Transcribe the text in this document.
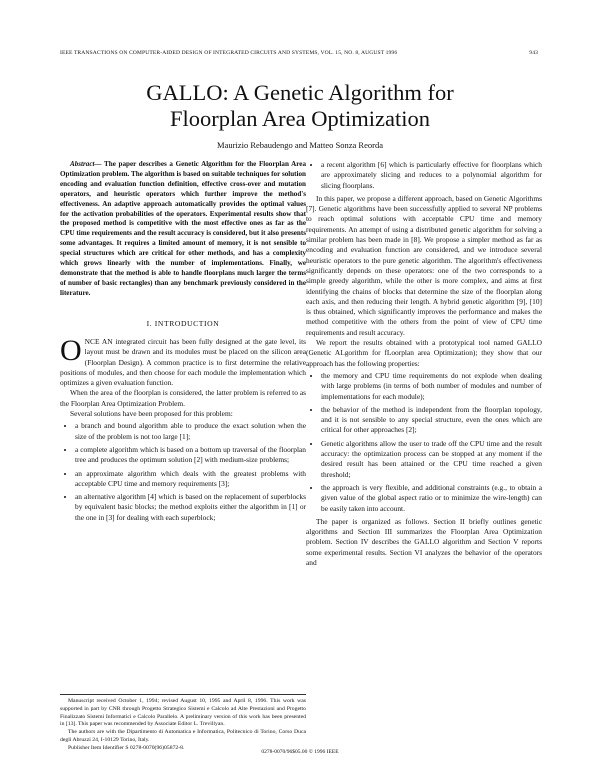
IEEE TRANSACTIONS ON COMPUTER-AIDED DESIGN OF INTEGRATED CIRCUITS AND SYSTEMS, VOL. 15, NO. 8, AUGUST 1996	943
GALLO: A Genetic Algorithm for
Floorplan Area Optimization
Maurizio Rebaudengo and Matteo Sonza Reorda
Abstract— The paper describes a Genetic Algorithm for the Floorplan Area Optimization problem. The algorithm is based on suitable techniques for solution encoding and evaluation function definition, effective cross-over and mutation operators, and heuristic operators which further improve the method's effectiveness. An adaptive approach automatically provides the optimal values for the activation probabilities of the operators. Experimental results show that the proposed method is competitive with the most effective ones as far as the CPU time requirements and the result accuracy is considered, but it also presents some advantages. It requires a limited amount of memory, it is not sensible to special structures which are critical for other methods, and has a complexity which grows linearly with the number of implementations. Finally, we demonstrate that the method is able to handle floorplans much larger the terms of number of basic rectangles) than any benchmark previously considered in the literature.
I. INTRODUCTION

ONCE AN integrated circuit has been fully designed at the gate level, its layout must be drawn and its modules must be placed on the silicon area (Floorplan Design). A common practice is to first determine the relative positions of modules, and then choose for each module the implementation which optimizes a given evaluation function.

When the area of the floorplan is considered, the latter problem is referred to as the Floorplan Area Optimization Problem.

Several solutions have been proposed for this problem:

• a branch and bound algorithm able to produce the exact solution when the size of the problem is not too large [1];
• a complete algorithm which is based on a bottom up traversal of the floorplan tree and produces the optimum solution [2] with medium-size problems;
• an approximate algorithm which deals with the greatest problems with acceptable CPU time and memory requirements [3];
• an alternative algorithm [4] which is based on the replacement of superblocks by equivalent basic blocks; the method exploits either the algorithm in [1] or the one in [3] for dealing with each superblock;

Manuscript received October 1, 1994; revised August 10, 1995 and April 8, 1996. This work was supported in part by CNR through Progetto Strategico Sistemi e Calcolo ad Alte Prestazioni and Progetto Finalizzato Sistemi Informatici e Calcolo Parallelo. A preliminary version of this work has been presented in [13]. This paper was recommended by Associate Editor L. Trevillyan.

The authors are with the Dipartimento di Automatica e Informatica, Politecnico di Torino, Corso Duca degli Abruzzi 24, I-10129 Torino, Italy.

Publisher Item Identifier S 0278-0070(96)05872-8.

• a recent algorithm [6] which is particularly effective for floorplans which are approximately slicing and reduces to a polynomial algorithm for slicing floorplans.

In this paper, we propose a different approach, based on Genetic Algorithms [7]. Genetic algorithms have been successfully applied to several NP problems to reach optimal solutions with acceptable CPU time and memory requirements. An attempt of using a distributed genetic algorithm for solving a similar problem has been made in [8]. We propose a simpler method as far as encoding and evaluation function are considered, and we introduce several heuristic operators to the pure genetic algorithm. The algorithm's effectiveness significantly depends on these operators: one of the two corresponds to a simple greedy algorithm, while the other is more complex, and aims at first identifying the chains of blocks that determine the size of the floorplan along each axis, and then reducing their length. A hybrid genetic algorithm [9], [10] is thus obtained, which significantly improves the performance and makes the method competitive with the others from the point of view of CPU time requirements and result accuracy.

We report the results obtained with a prototypical tool named GALLO (Genetic ALgorithm for fLoorplan area Optimization); they show that our approach has the following properties:

• the memory and CPU time requirements do not explode when dealing with large problems (in terms of both number of modules and number of implementations for each module);
• the behavior of the method is independent from the floorplan topology, and it is not sensible to any special structure, even the ones which are critical for other approaches [2];
• Genetic algorithms allow the user to trade off the CPU time and the result accuracy: the optimization process can be stopped at any moment if the desired result has been attained or the CPU time reached a given threshold;
• the approach is very flexible, and additional constraints (e.g., to obtain a given value of the global aspect ratio or to minimize the wire-length) can be easily taken into account.

The paper is organized as follows. Section II briefly outlines genetic algorithms and Section III summarizes the Floorplan Area Optimization problem. Section IV describes the GALLO algorithm and Section V reports some experimental results. Section VI analyzes the behavior of the operators and

0278-0070/96$05.00 © 1996 IEEE
